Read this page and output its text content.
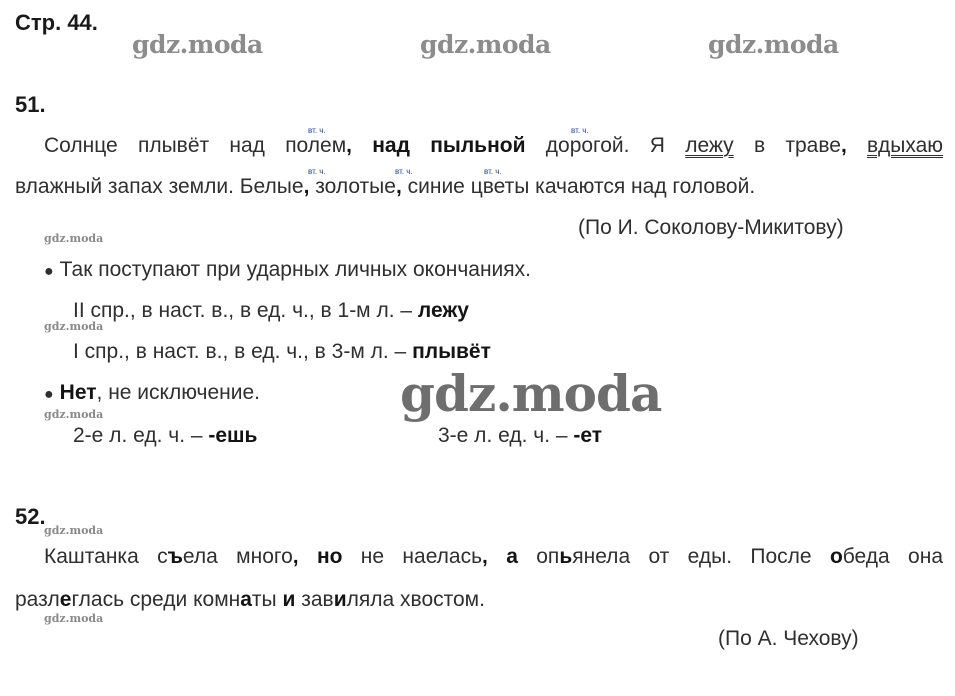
Стр. 44.
gdz.moda	gdz.moda	gdz.moda
51.
вт. ч.	вт. ч.
вт. ч.	вт. ч.	вт. ч.
Солнце плывёт над полем, над пыльной дорогой. Я лежу в траве, вдыхаю
влажный запах земли. Белые, золотые, синие цветы качаются над головой.
(По И. Соколову-Микитову)
gdz.moda
● Так поступают при ударных личных окончаниях.
II спр., в наст. в., в ед. ч., в 1-м л. – лежу
gdz.moda
I спр., в наст. в., в ед. ч., в 3-м л. – плывёт
● Нет, не исключение.	gdz.moda
gdz.moda
2-е л. ед. ч. – -ешь	3-е л. ед. ч. – -ет
52.
gdz.moda
Каштанка съела много, но не наелась, а опьянела от еды. После обеда она
разлеглась среди комнаты и завиляла хвостом.
gdz.moda
(По А. Чехову)
